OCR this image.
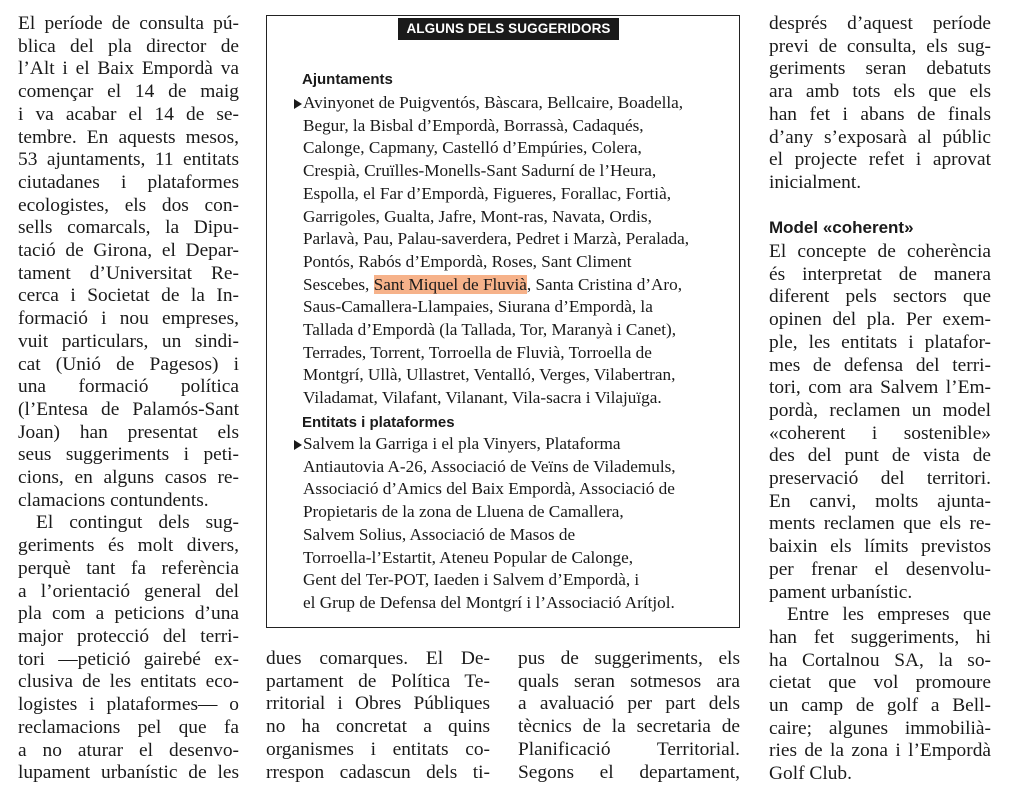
El període de consulta pú-
blica del pla director de
l’Alt i el Baix Empordà va
començar el 14 de maig
i va acabar el 14 de se-
tembre. En aquests mesos,
53 ajuntaments, 11 entitats
ciutadanes i plataformes
ecologistes, els dos con-
sells comarcals, la Dipu-
tació de Girona, el Depar-
tament d’Universitat Re-
cerca i Societat de la In-
formació i nou empreses,
vuit particulars, un sindi-
cat (Unió de Pagesos) i
una formació política
(l’Entesa de Palamós-Sant
Joan) han presentat els
seus suggeriments i peti-
cions, en alguns casos re-
clamacions contundents.
El contingut dels sug-
geriments és molt divers,
perquè tant fa referència
a l’orientació general del
pla com a peticions d’una
major protecció del terri-
tori —petició gairebé ex-
clusiva de les entitats eco-
logistes i plataformes— o
reclamacions pel que fa
a no aturar el desenvo-
lupament urbanístic de les
ALGUNS DELS SUGGERIDORS
Ajuntaments
Avinyonet de Puigventós, Bàscara, Bellcaire, Boadella,
Begur, la Bisbal d’Empordà, Borrassà, Cadaqués,
Calonge, Capmany, Castelló d’Empúries, Colera,
Crespià, Cruïlles-Monells-Sant Sadurní de l’Heura,
Espolla, el Far d’Empordà, Figueres, Forallac, Fortià,
Garrigoles, Gualta, Jafre, Mont-ras, Navata, Ordis,
Parlavà, Pau, Palau-saverdera, Pedret i Marzà, Peralada,
Pontós, Rabós d’Empordà, Roses, Sant Climent
Sescebes, Sant Miquel de Fluvià, Santa Cristina d’Aro,
Saus-Camallera-Llampaies, Siurana d’Empordà, la
Tallada d’Empordà (la Tallada, Tor, Maranyà i Canet),
Terrades, Torrent, Torroella de Fluvià, Torroella de
Montgrí, Ullà, Ullastret, Ventalló, Verges, Vilabertran,
Viladamat, Vilafant, Vilanant, Vila-sacra i Vilajuïga.
Entitats i plataformes
Salvem la Garriga i el pla Vinyers, Plataforma
Antiautovia A-26, Associació de Veïns de Vilademuls,
Associació d’Amics del Baix Empordà, Associació de
Propietaris de la zona de Lluena de Camallera,
Salvem Solius, Associació de Masos de
Torroella-l’Estartit, Ateneu Popular de Calonge,
Gent del Ter-POT, Iaeden i Salvem d’Empordà, i
el Grup de Defensa del Montgrí i l’Associació Arítjol.
dues comarques. El De-
partament de Política Te-
rritorial i Obres Públiques
no ha concretat a quins
organismes i entitats co-
rrespon cadascun dels ti-
pus de suggeriments, els
quals seran sotmesos ara
a avaluació per part dels
tècnics de la secretaria de
Planificació Territorial.
Segons el departament,
després d’aquest període
previ de consulta, els sug-
geriments seran debatuts
ara amb tots els que els
han fet i abans de finals
d’any s’exposarà al públic
el projecte refet i aprovat
inicialment.
Model «coherent»
El concepte de coherència
és interpretat de manera
diferent pels sectors que
opinen del pla. Per exem-
ple, les entitats i platafor-
mes de defensa del terri-
tori, com ara Salvem l’Em-
pordà, reclamen un model
«coherent i sostenible»
des del punt de vista de
preservació del territori.
En canvi, molts ajunta-
ments reclamen que els re-
baixin els límits previstos
per frenar el desenvolu-
pament urbanístic.
Entre les empreses que
han fet suggeriments, hi
ha Cortalnou SA, la so-
cietat que vol promoure
un camp de golf a Bell-
caire; algunes immobilià-
ries de la zona i l’Empordà
Golf Club.
